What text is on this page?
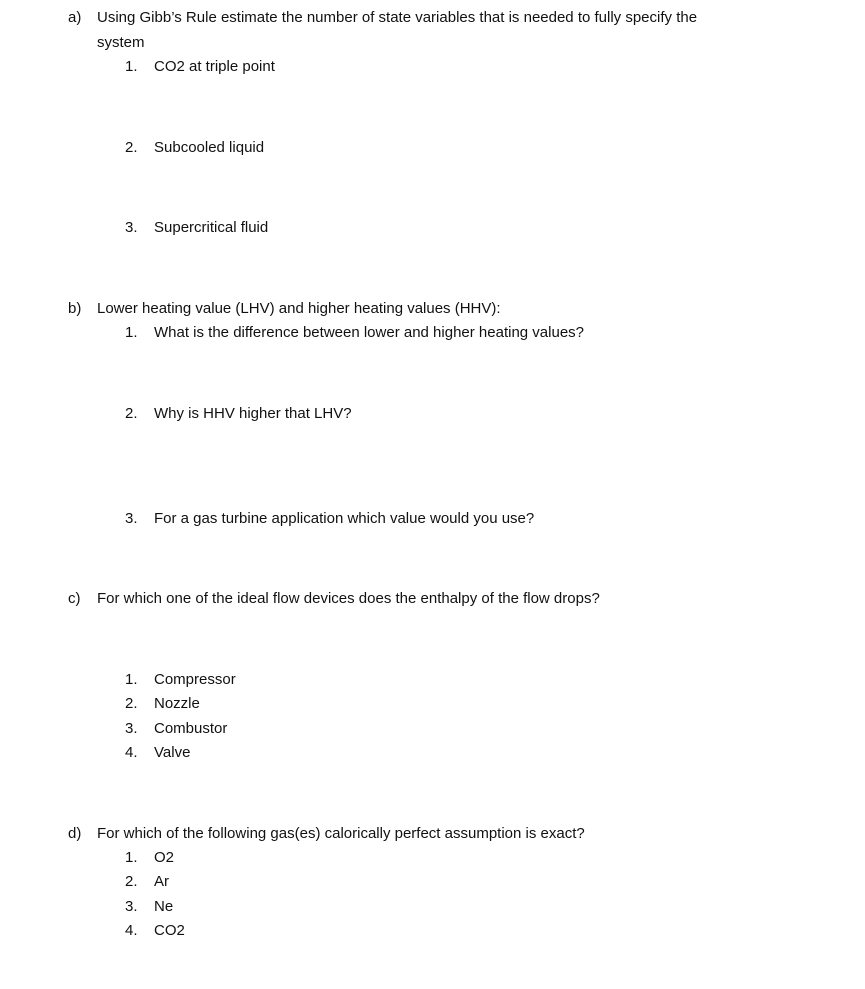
a) Using Gibb’s Rule estimate the number of state variables that is needed to fully specify the
system
1. CO2 at triple point
2. Subcooled liquid
3. Supercritical fluid
b) Lower heating value (LHV) and higher heating values (HHV):
1. What is the difference between lower and higher heating values?
2. Why is HHV higher that LHV?
3. For a gas turbine application which value would you use?
c) For which one of the ideal flow devices does the enthalpy of the flow drops?
1. Compressor
2. Nozzle
3. Combustor
4. Valve
d) For which of the following gas(es) calorically perfect assumption is exact?
1. O2
2. Ar
3. Ne
4. CO2
